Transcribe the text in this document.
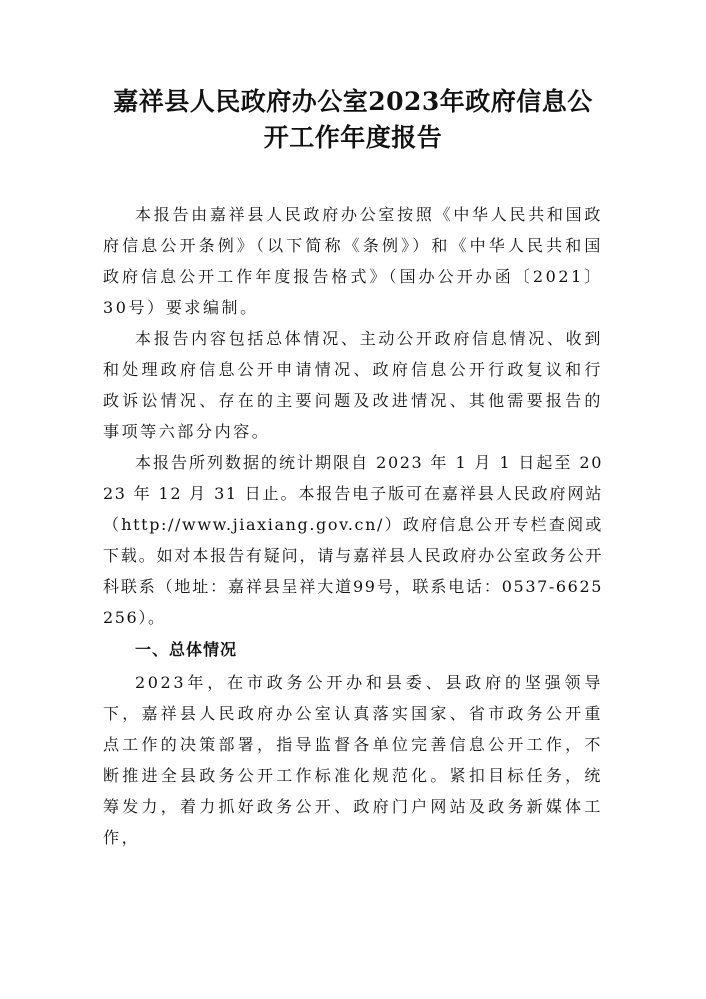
嘉祥县人民政府办公室2023年政府信息公
开工作年度报告

本报告由嘉祥县人民政府办公室按照《中华人民共和国政府信息公开条例》（以下简称《条例》）和《中华人民共和国政府信息公开工作年度报告格式》（国办公开办函〔2021〕30号）要求编制。

本报告内容包括总体情况、主动公开政府信息情况、收到和处理政府信息公开申请情况、政府信息公开行政复议和行政诉讼情况、存在的主要问题及改进情况、其他需要报告的事项等六部分内容。

本报告所列数据的统计期限自 2023 年 1 月 1 日起至 2023 年 12 月 31 日止。本报告电子版可在嘉祥县人民政府网站（http://www.jiaxiang.gov.cn/）政府信息公开专栏查阅或下载。如对本报告有疑问，请与嘉祥县人民政府办公室政务公开科联系（地址：嘉祥县呈祥大道99号，联系电话：0537-6625256）。

一、总体情况

2023年，在市政务公开办和县委、县政府的坚强领导下，嘉祥县人民政府办公室认真落实国家、省市政务公开重点工作的决策部署，指导监督各单位完善信息公开工作，不断推进全县政务公开工作标准化规范化。紧扣目标任务，统筹发力，着力抓好政务公开、政府门户网站及政务新媒体工作，
